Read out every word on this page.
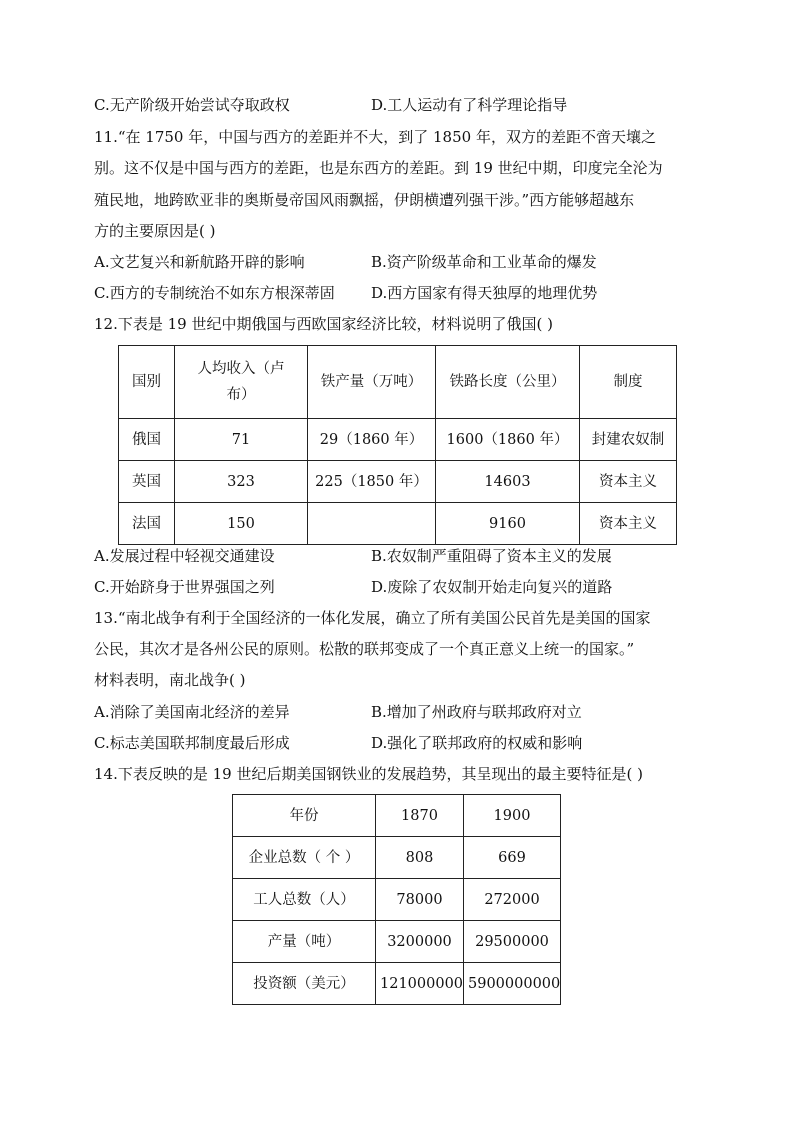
C.无产阶级开始尝试夺取政权	D.工人运动有了科学理论指导
11.“在 1750 年，中国与西方的差距并不大，到了 1850 年，双方的差距不啻天壤之
别。这不仅是中国与西方的差距，也是东西方的差距。到 19 世纪中期，印度完全沦为
殖民地，地跨欧亚非的奥斯曼帝国风雨飘摇，伊朗横遭列强干涉。”西方能够超越东
方的主要原因是( )
A.文艺复兴和新航路开辟的影响	B.资产阶级革命和工业革命的爆发
C.西方的专制统治不如东方根深蒂固 D.西方国家有得天独厚的地理优势
12.下表是 19 世纪中期俄国与西欧国家经济比较，材料说明了俄国( )
国别	人均收入（卢布）	铁产量（万吨）	铁路长度（公里）	制度
俄国	71	29（1860 年）	1600（1860 年）	封建农奴制
英国	323	225（1850 年）	14603	资本主义
法国	150		9160	资本主义
A.发展过程中轻视交通建设	B.农奴制严重阻碍了资本主义的发展
C.开始跻身于世界强国之列	D.废除了农奴制开始走向复兴的道路
13.“南北战争有利于全国经济的一体化发展，确立了所有美国公民首先是美国的国家
公民，其次才是各州公民的原则。松散的联邦变成了一个真正意义上统一的国家。”
材料表明，南北战争( )
A.消除了美国南北经济的差异	B.增加了州政府与联邦政府对立
C.标志美国联邦制度最后形成	D.强化了联邦政府的权威和影响
14.下表反映的是 19 世纪后期美国钢铁业的发展趋势，其呈现出的最主要特征是( )
年份	1870	1900
企业总数（ 个 ）	808	669
工人总数（人）	78000	272000
产量（吨）	3200000	29500000
投资额（美元）	121000000	5900000000
